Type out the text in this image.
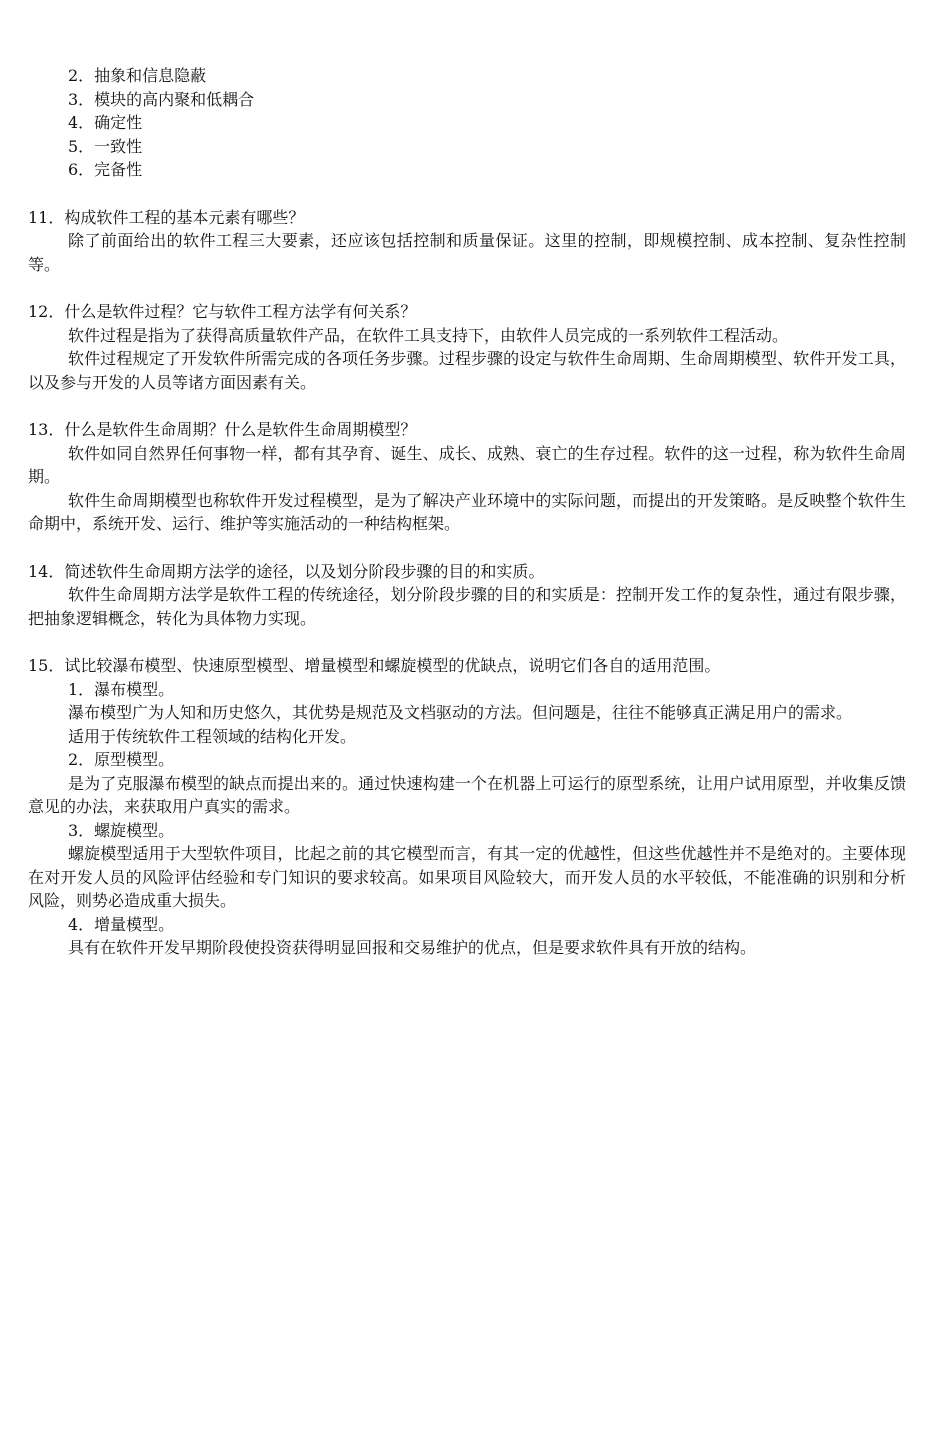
2．抽象和信息隐蔽

3．模块的高内聚和低耦合

4．确定性

5．一致性

6．完备性

11．构成软件工程的基本元素有哪些？

除了前面给出的软件工程三大要素，还应该包括控制和质量保证。这里的控制，即规模控制、成本控制、复杂性控制等。

12．什么是软件过程？它与软件工程方法学有何关系？

软件过程是指为了获得高质量软件产品，在软件工具支持下，由软件人员完成的一系列软件工程活动。

软件过程规定了开发软件所需完成的各项任务步骤。过程步骤的设定与软件生命周期、生命周期模型、软件开发工具，以及参与开发的人员等诸方面因素有关。

13．什么是软件生命周期？什么是软件生命周期模型？

软件如同自然界任何事物一样，都有其孕育、诞生、成长、成熟、衰亡的生存过程。软件的这一过程，称为软件生命周期。

软件生命周期模型也称软件开发过程模型，是为了解决产业环境中的实际问题，而提出的开发策略。是反映整个软件生命期中，系统开发、运行、维护等实施活动的一种结构框架。

14．简述软件生命周期方法学的途径，以及划分阶段步骤的目的和实质。

软件生命周期方法学是软件工程的传统途径，划分阶段步骤的目的和实质是：控制开发工作的复杂性，通过有限步骤，把抽象逻辑概念，转化为具体物力实现。

15．试比较瀑布模型、快速原型模型、增量模型和螺旋模型的优缺点，说明它们各自的适用范围。

1．瀑布模型。

瀑布模型广为人知和历史悠久，其优势是规范及文档驱动的方法。但问题是，往往不能够真正满足用户的需求。

适用于传统软件工程领域的结构化开发。

2．原型模型。

是为了克服瀑布模型的缺点而提出来的。通过快速构建一个在机器上可运行的原型系统，让用户试用原型，并收集反馈意见的办法，来获取用户真实的需求。

3．螺旋模型。

螺旋模型适用于大型软件项目，比起之前的其它模型而言，有其一定的优越性，但这些优越性并不是绝对的。主要体现在对开发人员的风险评估经验和专门知识的要求较高。如果项目风险较大，而开发人员的水平较低，不能准确的识别和分析风险，则势必造成重大损失。

4．增量模型。

具有在软件开发早期阶段使投资获得明显回报和交易维护的优点，但是要求软件具有开放的结构。
